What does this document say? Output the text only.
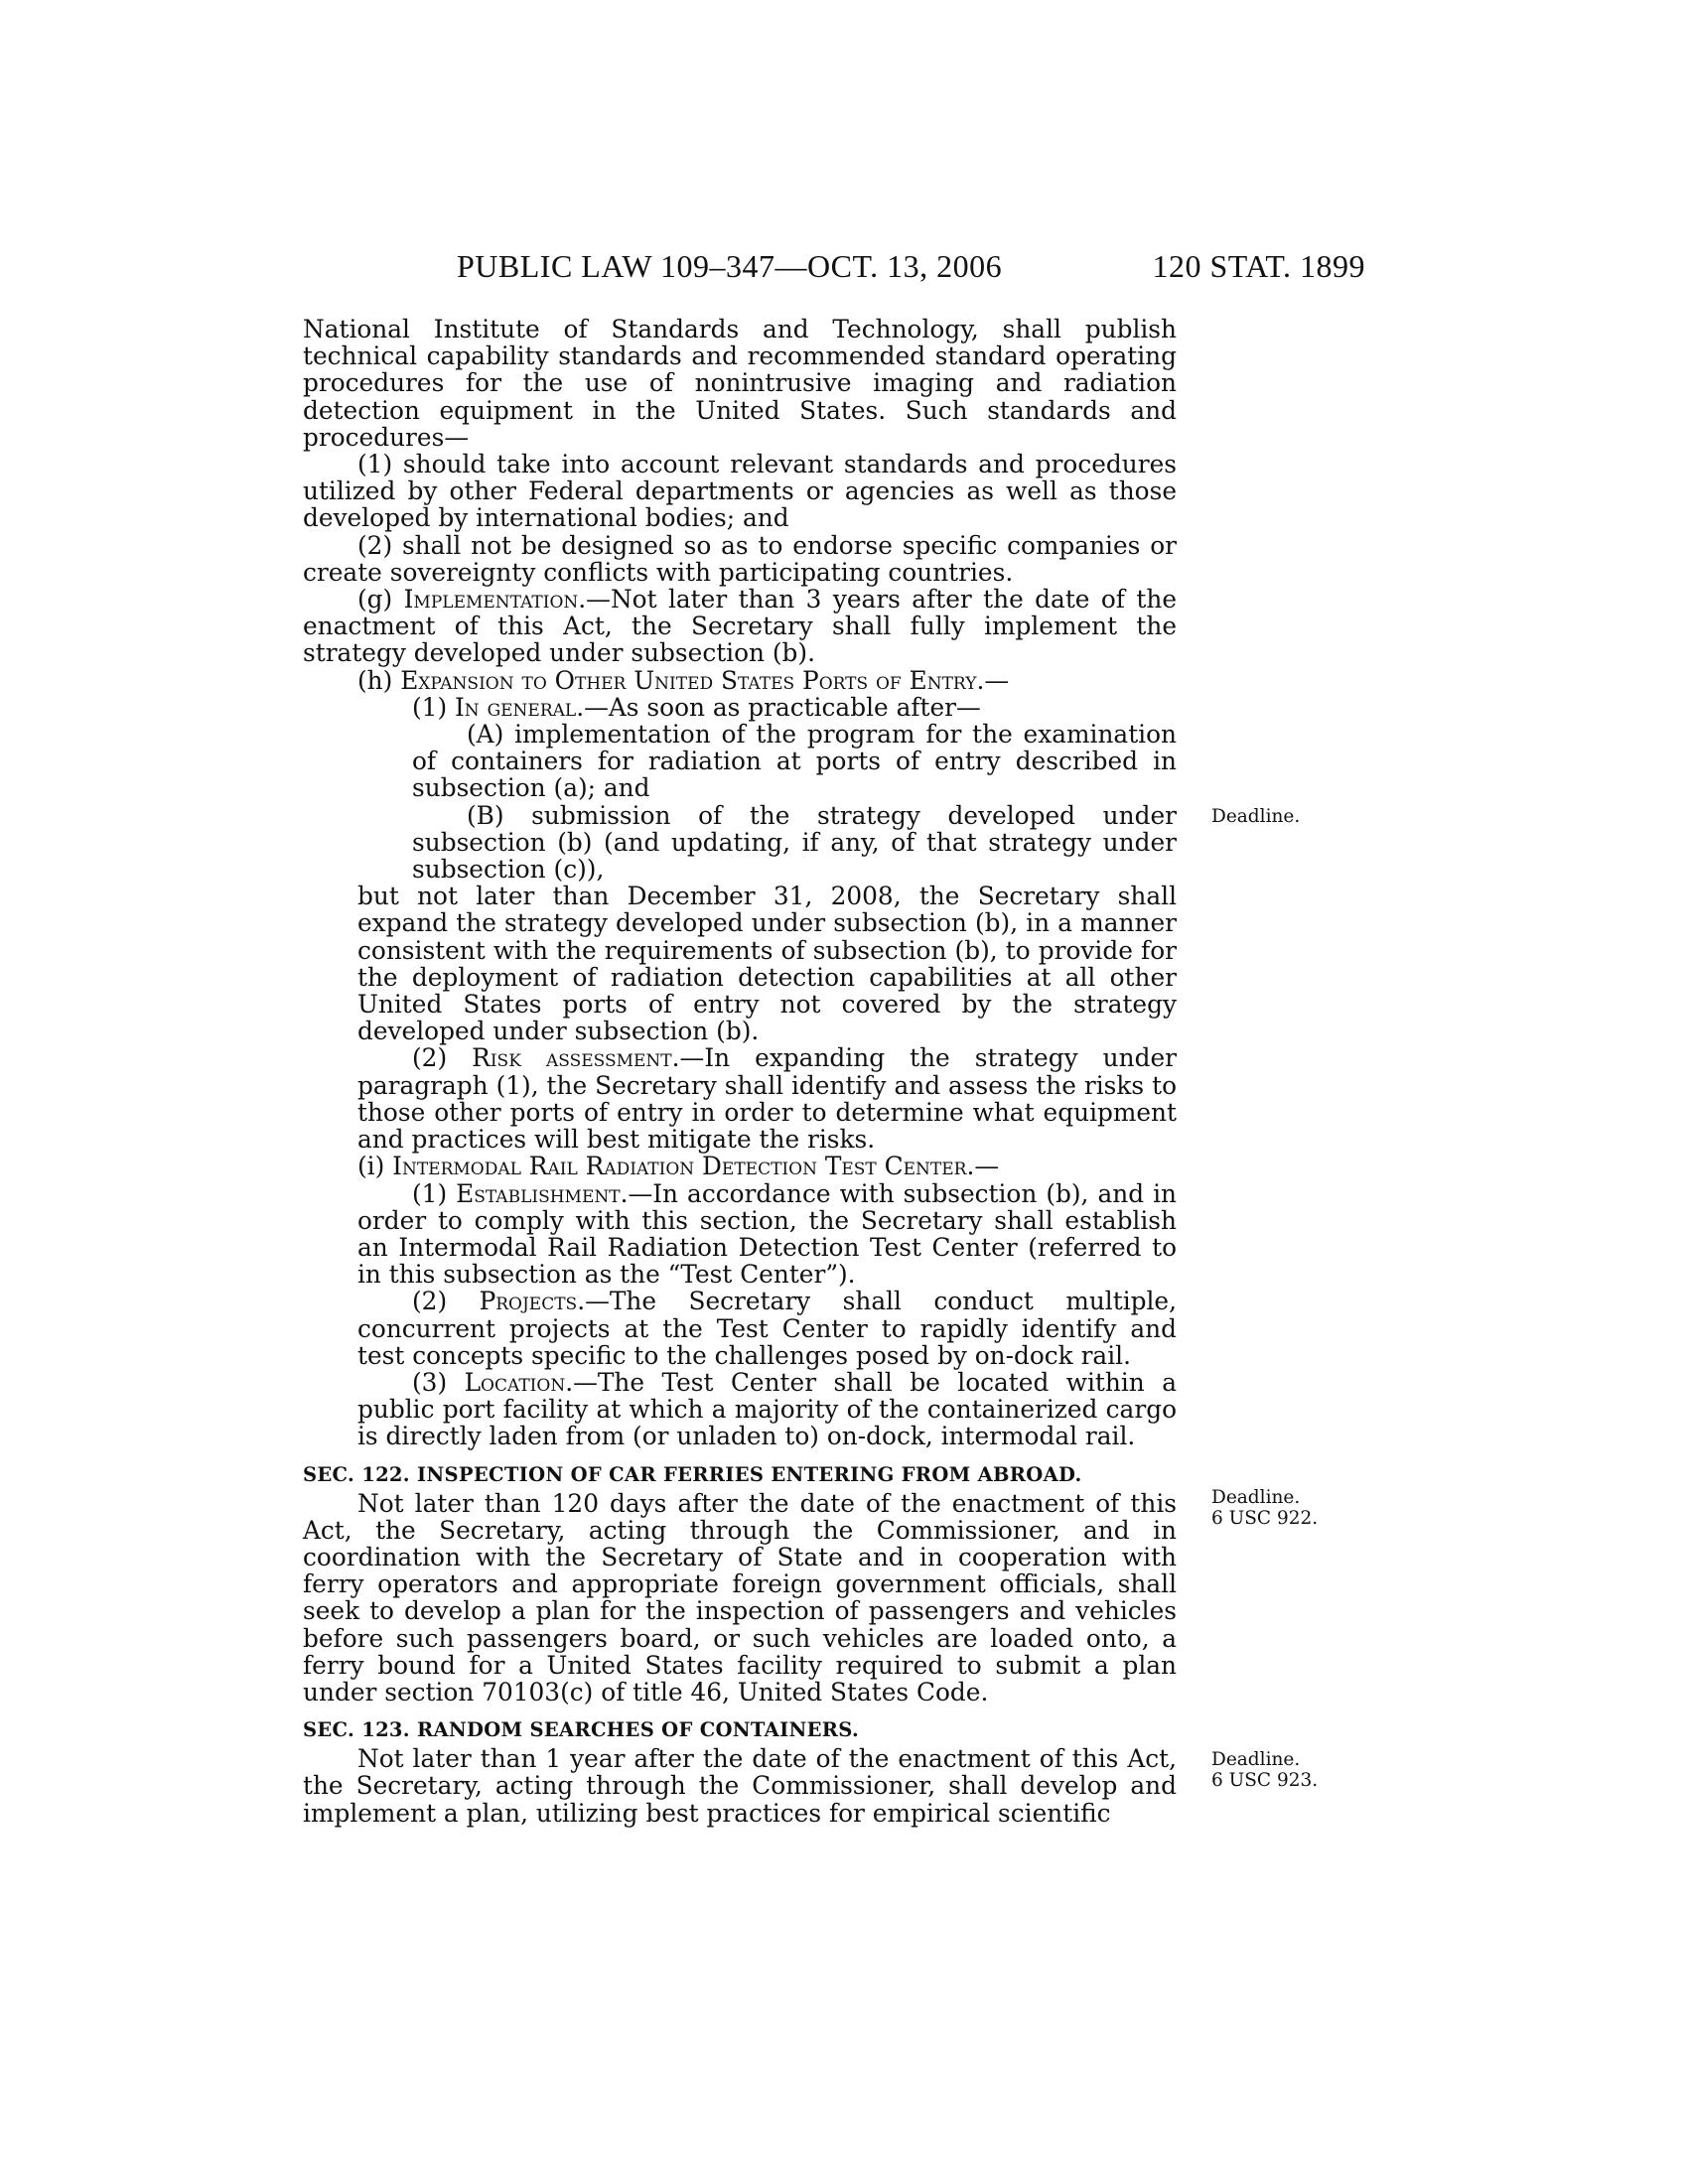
PUBLIC LAW 109–347—OCT. 13, 2006	120 STAT. 1899

National Institute of Standards and Technology, shall publish technical capability standards and recommended standard operating procedures for the use of nonintrusive imaging and radiation detection equipment in the United States. Such standards and procedures—

(1) should take into account relevant standards and procedures utilized by other Federal departments or agencies as well as those developed by international bodies; and

(2) shall not be designed so as to endorse specific companies or create sovereignty conflicts with participating countries.

(g) Implementation.—Not later than 3 years after the date of the enactment of this Act, the Secretary shall fully implement the strategy developed under subsection (b).

(h) Expansion to Other United States Ports of Entry.—

(1) In general.—As soon as practicable after—

(A) implementation of the program for the examination of containers for radiation at ports of entry described in subsection (a); and

(B) submission of the strategy developed under subsection (b) (and updating, if any, of that strategy under subsection (c)),

but not later than December 31, 2008, the Secretary shall expand the strategy developed under subsection (b), in a manner consistent with the requirements of subsection (b), to provide for the deployment of radiation detection capabilities at all other United States ports of entry not covered by the strategy developed under subsection (b).

(2) Risk assessment.—In expanding the strategy under paragraph (1), the Secretary shall identify and assess the risks to those other ports of entry in order to determine what equipment and practices will best mitigate the risks.

(i) Intermodal Rail Radiation Detection Test Center.—

(1) Establishment.—In accordance with subsection (b), and in order to comply with this section, the Secretary shall establish an Intermodal Rail Radiation Detection Test Center (referred to in this subsection as the “Test Center”).

(2) Projects.—The Secretary shall conduct multiple, concurrent projects at the Test Center to rapidly identify and test concepts specific to the challenges posed by on-dock rail.

(3) Location.—The Test Center shall be located within a public port facility at which a majority of the containerized cargo is directly laden from (or unladen to) on-dock, intermodal rail.

SEC. 122. INSPECTION OF CAR FERRIES ENTERING FROM ABROAD.

Not later than 120 days after the date of the enactment of this Act, the Secretary, acting through the Commissioner, and in coordination with the Secretary of State and in cooperation with ferry operators and appropriate foreign government officials, shall seek to develop a plan for the inspection of passengers and vehicles before such passengers board, or such vehicles are loaded onto, a ferry bound for a United States facility required to submit a plan under section 70103(c) of title 46, United States Code.

SEC. 123. RANDOM SEARCHES OF CONTAINERS.

Not later than 1 year after the date of the enactment of this Act, the Secretary, acting through the Commissioner, shall develop and implement a plan, utilizing best practices for empirical scientific

Deadline.
Deadline.
6 USC 922.
Deadline.
6 USC 923.
